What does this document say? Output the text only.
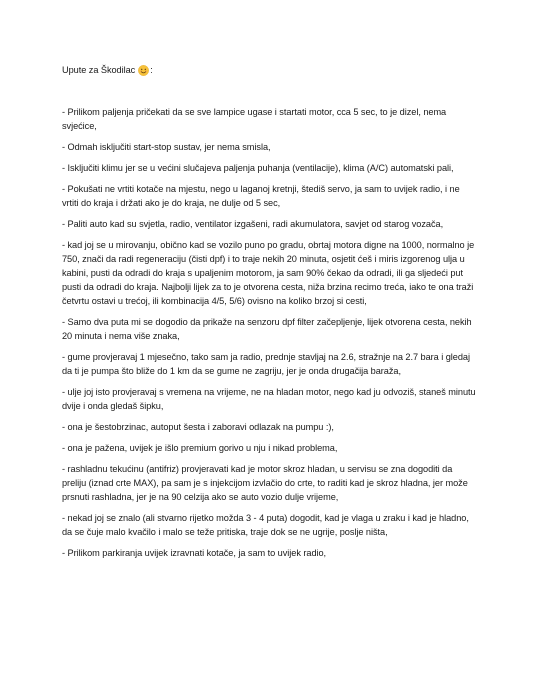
Upute za Škodilac :

- Prilikom paljenja pričekati da se sve lampice ugase i startati motor, cca 5 sec, to je dizel, nema svjećice,

- Odmah isključiti start-stop sustav, jer nema smisla,

- Isključiti klimu jer se u većini slučajeva paljenja puhanja (ventilacije), klima (A/C) automatski pali,

- Pokušati ne vrtiti kotače na mjestu, nego u laganoj kretnji, štediš servo, ja sam to uvijek radio, i ne vrtiti do kraja i držati ako je do kraja, ne dulje od 5 sec,

- Paliti auto kad su svjetla, radio, ventilator izgašeni, radi akumulatora, savjet od starog vozača,

- kad joj se u mirovanju, obično kad se vozilo puno po gradu, obrtaj motora digne na 1000, normalno je 750, znači da radi regeneraciju (čisti dpf) i to traje nekih 20 minuta, osjetit ćeš i miris izgorenog ulja u kabini, pusti da odradi do kraja s upaljenim motorom, ja sam 90% čekao da odradi, ili ga sljedeći put pusti da odradi do kraja. Najbolji lijek za to je otvorena cesta, niža brzina recimo treća, iako te ona traži četvrtu ostavi u trećoj, ili kombinacija 4/5, 5/6) ovisno na koliko brzoj si cesti,

- Samo dva puta mi se dogodio da prikaže na senzoru dpf filter začepljenje, lijek otvorena cesta, nekih 20 minuta i nema više znaka,

- gume provjeravaj 1 mjesečno, tako sam ja radio, prednje stavljaj na 2.6, stražnje na 2.7 bara i gledaj da ti je pumpa što bliže do 1 km da se gume ne zagriju, jer je onda drugačija baraža,

- ulje joj isto provjeravaj s vremena na vrijeme, ne na hladan motor, nego kad ju odvoziš, staneš minutu dvije i onda gledaš šipku,

- ona je šestobrzinac, autoput šesta i zaboravi odlazak na pumpu :),

- ona je pažena, uvijek je išlo premium gorivo u nju i nikad problema,

- rashladnu tekućinu (antifriz) provjeravati kad je motor skroz hladan, u servisu se zna dogoditi da preliju (iznad crte MAX), pa sam je s injekcijom izvlačio do crte, to raditi kad je skroz hladna, jer može prsnuti rashladna, jer je na 90 celzija ako se auto vozio dulje vrijeme,

- nekad joj se znalo (ali stvarno rijetko možda 3 - 4 puta) dogodit, kad je vlaga u zraku i kad je hladno, da se čuje malo kvačilo i malo se teže pritiska, traje dok se ne ugrije, poslje ništa,

- Prilikom parkiranja uvijek izravnati kotače, ja sam to uvijek radio,
